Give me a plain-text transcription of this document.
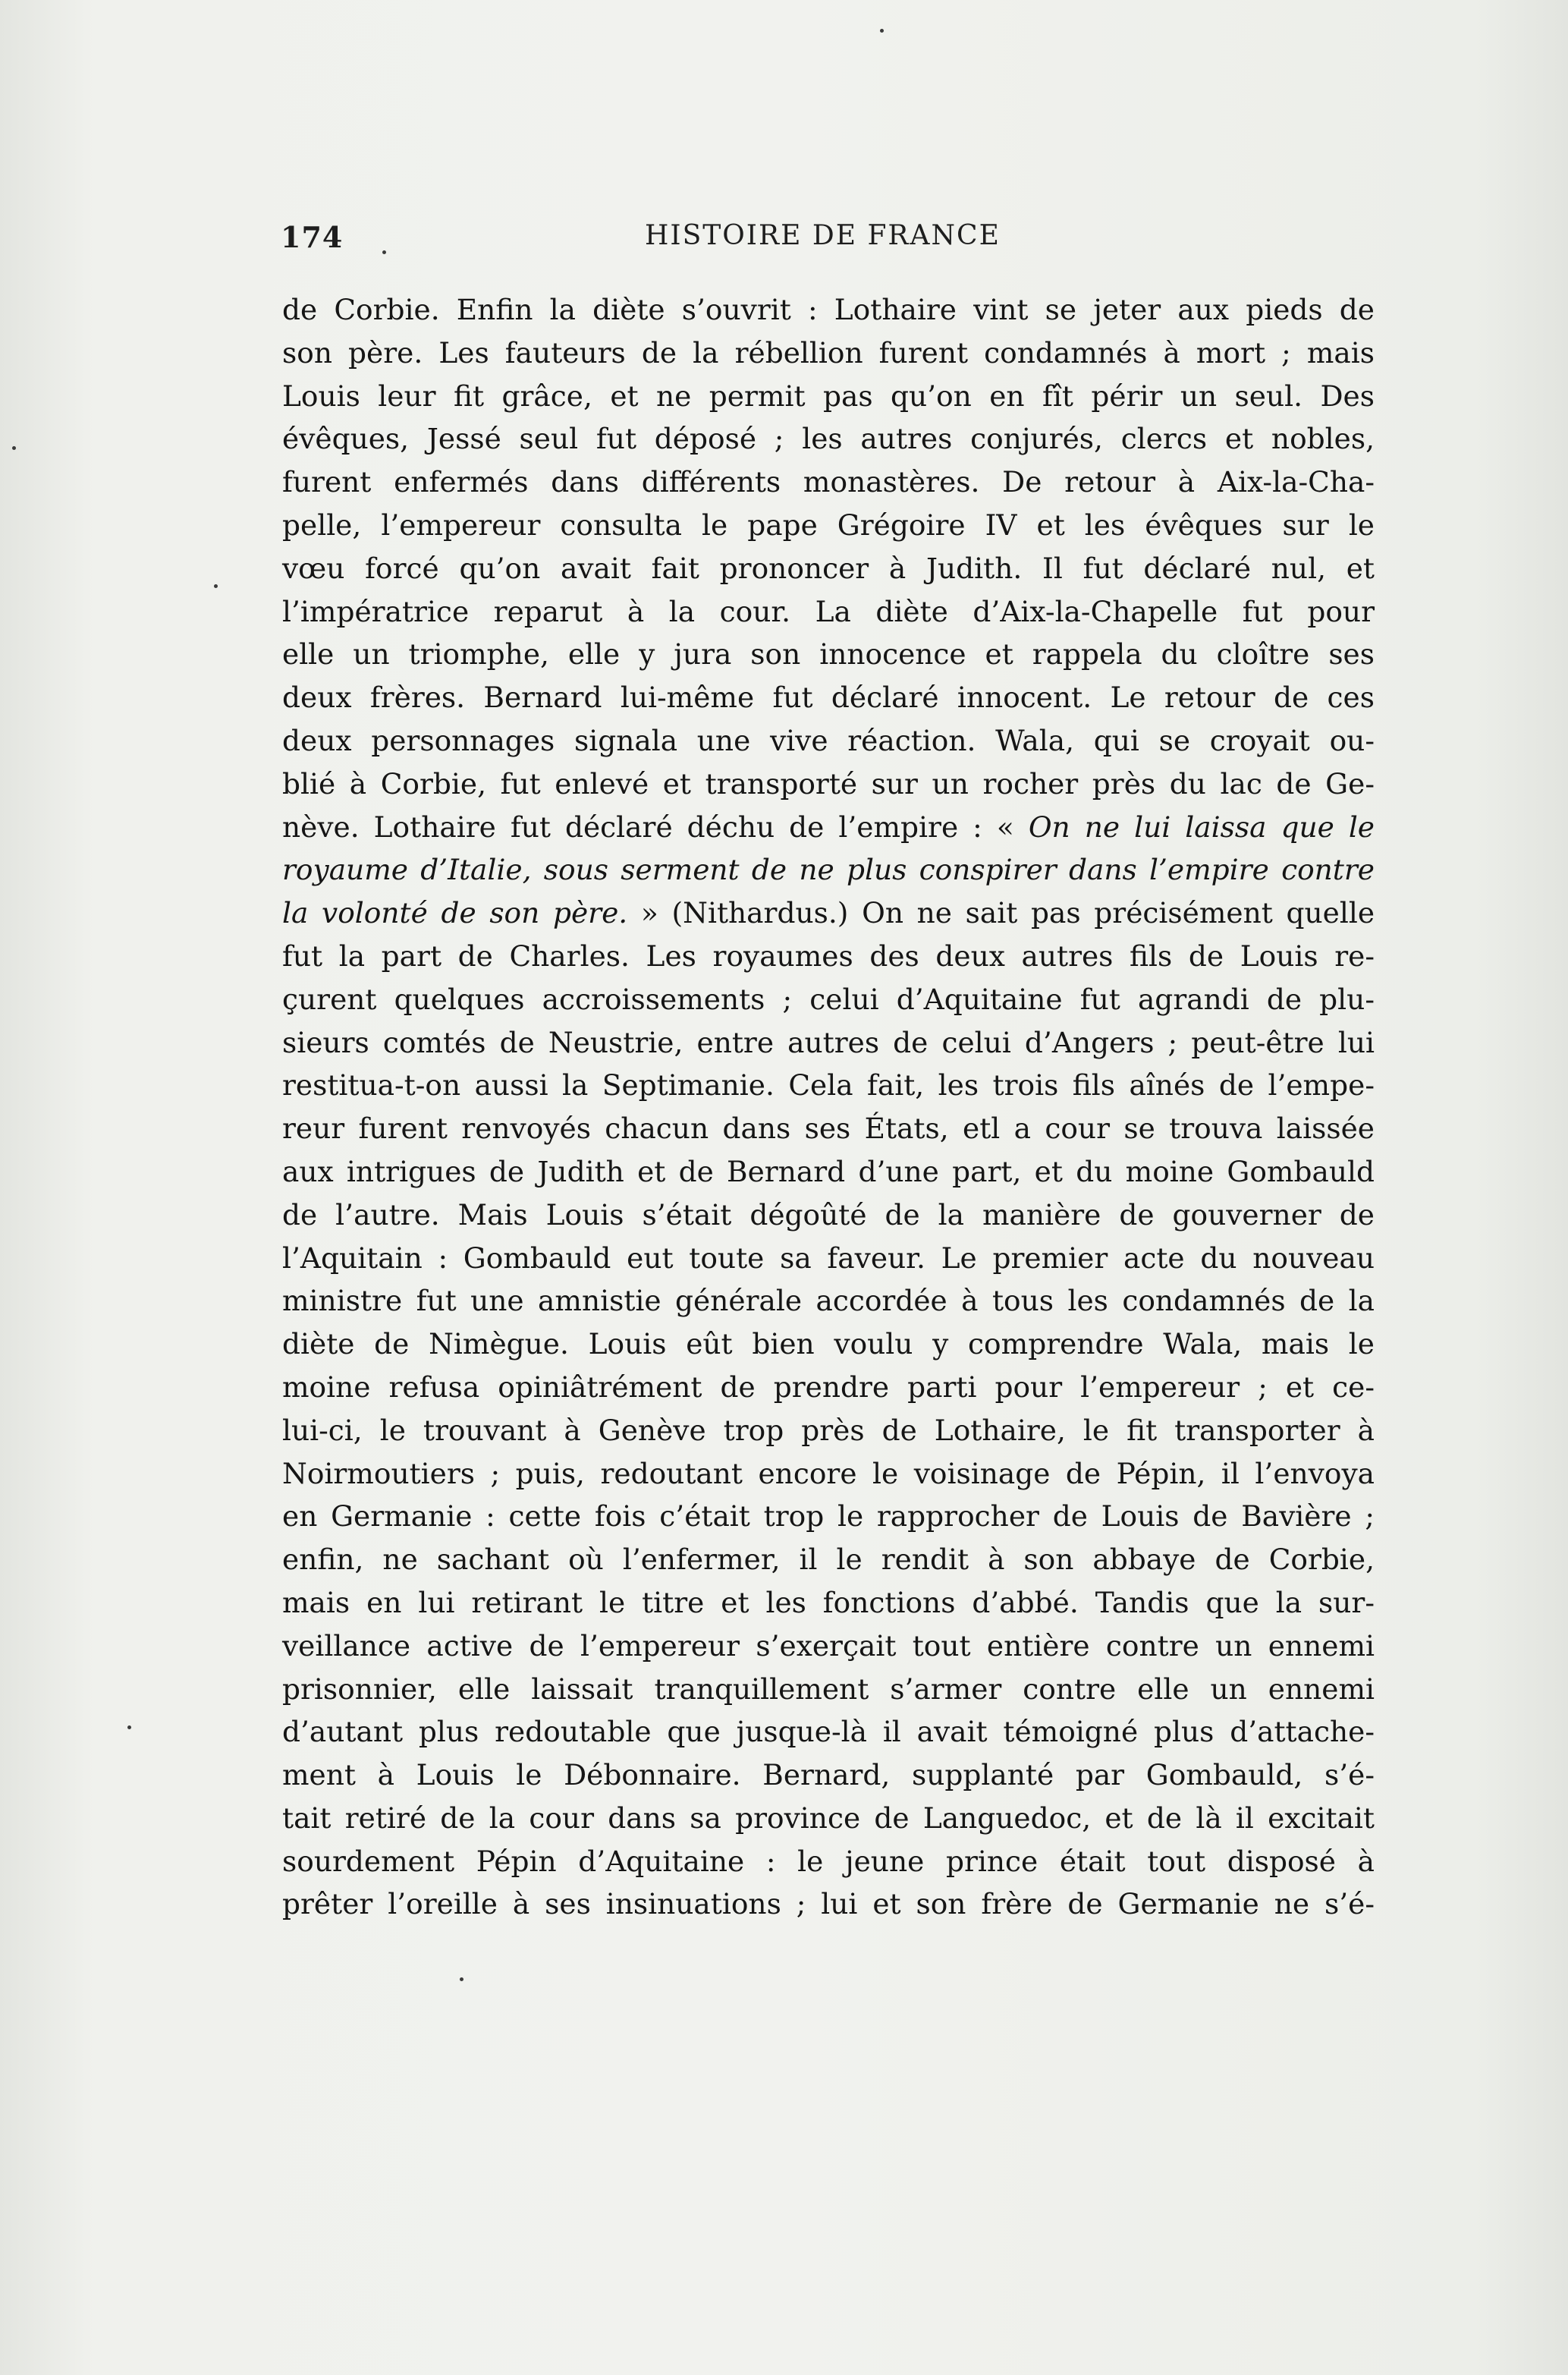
174	HISTOIRE DE FRANCE
de Corbie. Enfin la diète s’ouvrit : Lothaire vint se jeter aux pieds de
son père. Les fauteurs de la rébellion furent condamnés à mort ; mais
Louis leur fit grâce, et ne permit pas qu’on en fît périr un seul. Des
évêques, Jessé seul fut déposé ; les autres conjurés, clercs et nobles,
furent enfermés dans différents monastères. De retour à Aix-la-Cha-
pelle, l’empereur consulta le pape Grégoire IV et les évêques sur le
vœu forcé qu’on avait fait prononcer à Judith. Il fut déclaré nul, et
l’impératrice reparut à la cour. La diète d’Aix-la-Chapelle fut pour
elle un triomphe, elle y jura son innocence et rappela du cloître ses
deux frères. Bernard lui-même fut déclaré innocent. Le retour de ces
deux personnages signala une vive réaction. Wala, qui se croyait ou-
blié à Corbie, fut enlevé et transporté sur un rocher près du lac de Ge-
nève. Lothaire fut déclaré déchu de l’empire : « On ne lui laissa que le
royaume d’Italie, sous serment de ne plus conspirer dans l’empire contre
la volonté de son père. » (Nithardus.) On ne sait pas précisément quelle
fut la part de Charles. Les royaumes des deux autres fils de Louis re-
çurent quelques accroissements ; celui d’Aquitaine fut agrandi de plu-
sieurs comtés de Neustrie, entre autres de celui d’Angers ; peut-être lui
restitua-t-on aussi la Septimanie. Cela fait, les trois fils aînés de l’empe-
reur furent renvoyés chacun dans ses États, etl a cour se trouva laissée
aux intrigues de Judith et de Bernard d’une part, et du moine Gombauld
de l’autre. Mais Louis s’était dégoûté de la manière de gouverner de
l’Aquitain : Gombauld eut toute sa faveur. Le premier acte du nouveau
ministre fut une amnistie générale accordée à tous les condamnés de la
diète de Nimègue. Louis eût bien voulu y comprendre Wala, mais le
moine refusa opiniâtrément de prendre parti pour l’empereur ; et ce-
lui-ci, le trouvant à Genève trop près de Lothaire, le fit transporter à
Noirmoutiers ; puis, redoutant encore le voisinage de Pépin, il l’envoya
en Germanie : cette fois c’était trop le rapprocher de Louis de Bavière ;
enfin, ne sachant où l’enfermer, il le rendit à son abbaye de Corbie,
mais en lui retirant le titre et les fonctions d’abbé. Tandis que la sur-
veillance active de l’empereur s’exerçait tout entière contre un ennemi
prisonnier, elle laissait tranquillement s’armer contre elle un ennemi
d’autant plus redoutable que jusque-là il avait témoigné plus d’attache-
ment à Louis le Débonnaire. Bernard, supplanté par Gombauld, s’é-
tait retiré de la cour dans sa province de Languedoc, et de là il excitait
sourdement Pépin d’Aquitaine : le jeune prince était tout disposé à
prêter l’oreille à ses insinuations ; lui et son frère de Germanie ne s’é-
